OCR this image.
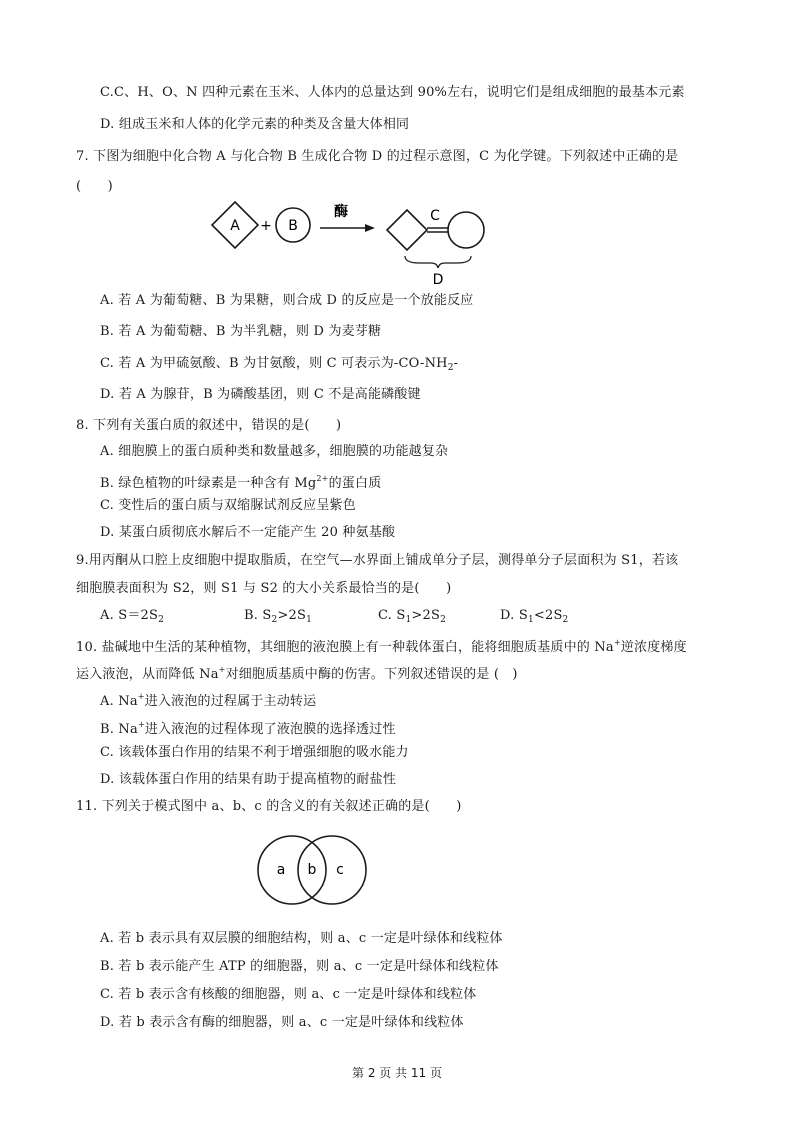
C.C、H、O、N 四种元素在玉米、人体内的总量达到 90%左右，说明它们是组成细胞的最基本元素
D. 组成玉米和人体的化学元素的种类及含量大体相同
7. 下图为细胞中化合物 A 与化合物 B 生成化合物 D 的过程示意图，C 为化学键。下列叙述中正确的是
(　　)
A + B
酶	C
D
A. 若 A 为葡萄糖、B 为果糖，则合成 D 的反应是一个放能反应
B. 若 A 为葡萄糖、B 为半乳糖，则 D 为麦芽糖
C. 若 A 为甲硫氨酸、B 为甘氨酸，则 C 可表示为$-CO-NH_2-$
D. 若 A 为腺苷，B 为磷酸基团，则 C 不是高能磷酸键
8. 下列有关蛋白质的叙述中，错误的是(　　)
A. 细胞膜上的蛋白质种类和数量越多，细胞膜的功能越复杂
B. 绿色植物的叶绿素是一种含有 $Mg^{2+}$的蛋白质
C. 变性后的蛋白质与双缩脲试剂反应呈紫色
D. 某蛋白质彻底水解后不一定能产生 20 种氨基酸
9.用丙酮从口腔上皮细胞中提取脂质，在空气—水界面上铺成单分子层，测得单分子层面积为 S1，若该
细胞膜表面积为 S2，则 S1 与 S2 的大小关系最恰当的是(　　)
A. $S=2S_2$	B. $S_2>2S_1$	C. $S_1>2S_2$	D. $S_1<2S_2$
10. 盐碱地中生活的某种植物，其细胞的液泡膜上有一种载体蛋白，能将细胞质基质中的 Na+逆浓度梯度
运入液泡，从而降低 Na+对细胞质基质中酶的伤害。下列叙述错误的是 (　)
A. Na+进入液泡的过程属于主动转运
B. Na+进入液泡的过程体现了液泡膜的选择透过性
C. 该载体蛋白作用的结果不利于增强细胞的吸水能力
D. 该载体蛋白作用的结果有助于提高植物的耐盐性
11. 下列关于模式图中 a、b、c 的含义的有关叙述正确的是(　　)
a b c
A. 若 b 表示具有双层膜的细胞结构，则 a、c 一定是叶绿体和线粒体
B. 若 b 表示能产生 ATP 的细胞器，则 a、c 一定是叶绿体和线粒体
C. 若 b 表示含有核酸的细胞器，则 a、c 一定是叶绿体和线粒体
D. 若 b 表示含有酶的细胞器，则 a、c 一定是叶绿体和线粒体
第 2 页 共 11 页
